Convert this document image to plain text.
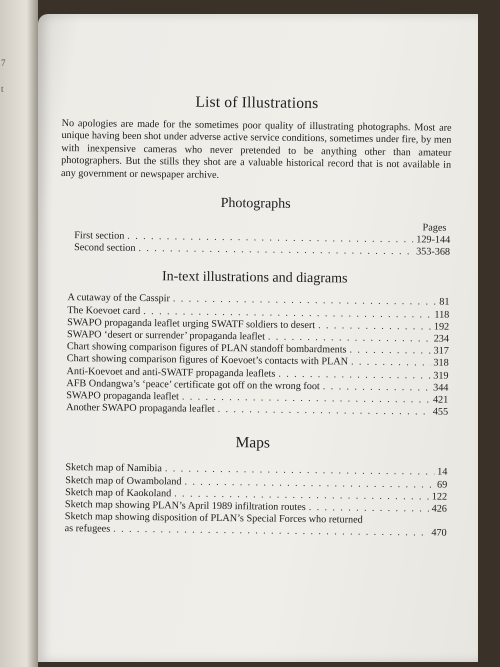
7
t
List of Illustrations

No apologies are made for the sometimes poor quality of illustrating photographs. Most are unique having been shot under adverse active service conditions, sometimes under fire, by men with inexpensive cameras who never pretended to be anything other than amateur photographers. But the stills they shot are a valuable historical record that is not available in any government or newspaper archive.

Photographs
Pages
First section . . .	129-144
Second section . . .	353-368
In-text illustrations and diagrams
A cutaway of the Casspir . . .	81
The Koevoet card . . .	118
SWAPO propaganda leaflet urging SWATF soldiers to desert . . .	192
SWAPO ‘desert or surrender’ propaganda leaflet . . .	234
Chart showing comparison figures of PLAN standoff bombardments . . .	317
Chart showing comparison figures of Koevoet’s contacts with PLAN . . .	318
Anti-Koevoet and anti-SWATF propaganda leaflets . . .	319
AFB Ondangwa’s ‘peace’ certificate got off on the wrong foot . . .	344
SWAPO propaganda leaflet . . .	421
Another SWAPO propaganda leaflet . . .	455
Maps
Sketch map of Namibia . . .	14
Sketch map of Owamboland . . .	69
Sketch map of Kaokoland . . .	122
Sketch map showing PLAN’s April 1989 infiltration routes . . .	426
Sketch map showing disposition of PLAN’s Special Forces who returned
as refugees . . .	470
